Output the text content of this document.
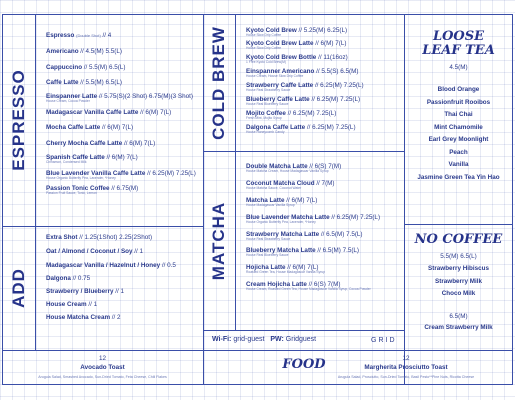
ESPRESSO
ADD
COLD BREW
MATCHA
Espresso (Double Shot) // 4
Americano // 4.5(M) 5.5(L)
Cappuccino // 5.5(M) 6.5(L)
Caffe Latte // 5.5(M) 6.5(L)
Einspanner Latte // 5.75(S)(2 Shot) 6.75(M)(3 Shot)
House Cream, Cocoa Powder
Madagascar Vanilla Caffe Latte // 6(M) 7(L)
Mocha Caffe Latte // 6(M) 7(L)
Cherry Mocha Caffe Latte // 6(M) 7(L)
Spanish Caffe Latte // 6(M) 7(L)
Cinnamon, Condensed Milk
Blue Lavender Vanilla Caffe Latte // 6.25(M) 7.25(L)
House Organic Butterfly Pea, Lavender, *Honey
Passion Tonic Coffee // 6.75(M)
Passion Fruit Sauce, Tonic, Lemon
Extra Shot // 1.25(1Shot) 2.25(2Shot)
Oat / Almond / Coconut / Soy // 1
Madagascar Vanilla / Hazelnut / Honey // 0.5
Dalgona // 0.75
Strawberry / Blueberry // 1
House Cream // 1
House Matcha Cream // 2
Kyoto Cold Brew // 5.25(M) 6.25(L)
House Slow Drip Coffee
Kyoto Cold Brew Latte // 6(M) 7(L)
House Slow Drip Coffee
Kyoto Cold Brew Bottle // 11(16oz)
1 Free Kyoto Cold Brew(M)
Einspanner Americano // 5.5(S) 6.5(M)
House Cream, House Slow Drip Coffee
Strawberry Caffe Latte // 6.25(M) 7.25(L)
House Real Strawberry Sauce
Blueberry Caffe Latte // 6.25(M) 7.25(L)
House Real Blueberry Sauce
Mojito Coffee // 6.25(M) 7.25(L)
Fresh Mint, Mojito Syrup
Dalgona Caffe Latte // 6.25(M) 7.25(L)
House Honeycomb Candy
Double Matcha Latte // 6(S) 7(M)
House Matcha Cream, House Madagascar Vanilla Syrup
Coconut Matcha Cloud // 7(M)
House Matcha Sauce, Coconut Water
Matcha Latte // 6(M) 7(L)
House Madagascar Vanilla Syrup
Blue Lavender Matcha Latte // 6.25(M) 7.25(L)
House Organic Butterfly Pea, Lavender, *Honey
Strawberry Matcha Latte // 6.5(M) 7.5(L)
House Real Strawberry Sauce
Blueberry Matcha Latte // 6.5(M) 7.5(L)
House Real Blueberry Sauce
Hojicha Latte // 6(M) 7(L)
Roasted Green Tea, House Madagascar Vanilla Syrup
Cream Hojicha Latte // 6(S) 7(M)
House Cream, Roasted Green Tea, House Madagascar Vanilla Syrup, Cocoa Powder
Wi-Fi: grid-guest PW: Gridguest	GRID
LOOSE
LEAF TEA
4.5(M)
Blood Orange
Passionfruit Rooibos
Thai Chai
Mint Chamomile
Earl Grey Moonlight
Peach
Vanilla
Jasmine Green Tea Yin Hao
NO COFFEE
5.5(M) 6.5(L)
Strawberry Hibiscus
Strawberry Milk
Choco Milk
6.5(M)
Cream Strawberry Milk
FOOD
12
Avocado Toast
Arugula Salad, Smashed Avocado, Sun-Dried Tomato, Feta Cheese, Chili Flakes
12
Margherita Prosciutto Toast
Arugula Salad, Prosciutto, Sun-Dried Tomato, Basil Pesto**Pine Nuts, Ricotta Cheese
